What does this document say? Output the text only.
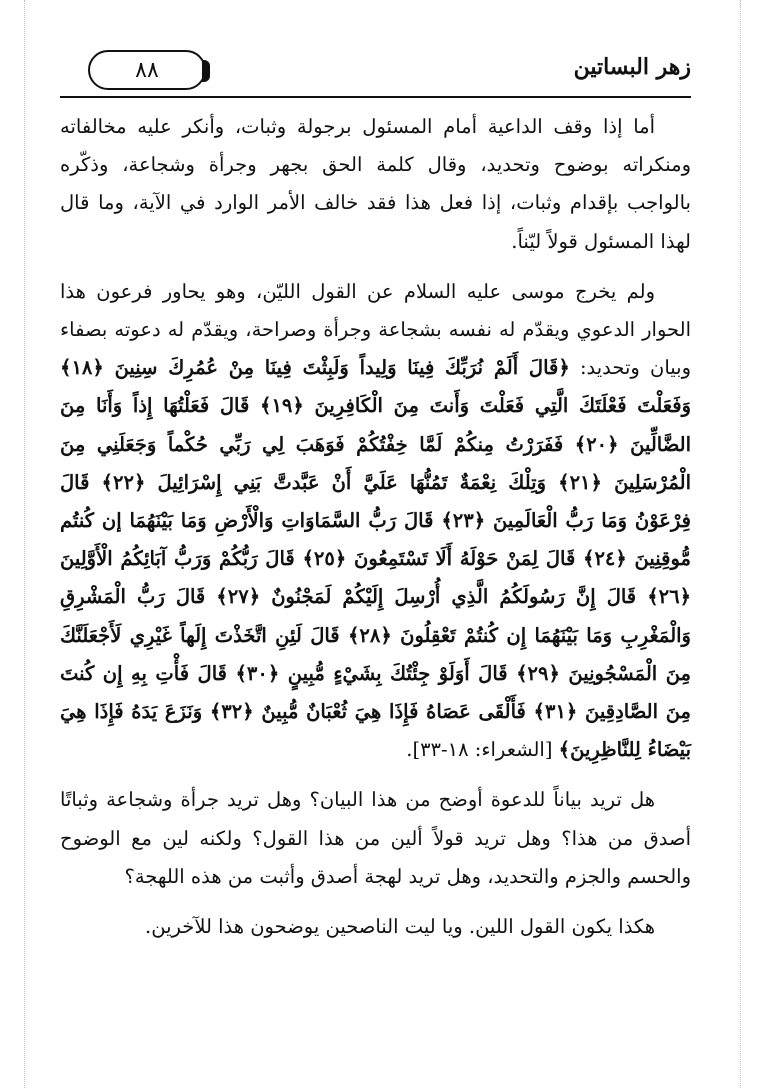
٨٨	زهر البساتين

أما إذا وقف الداعية أمام المسئول برجولة وثبات، وأنكر عليه مخالفاته ومنكراته بوضوح وتحديد، وقال كلمة الحق بجهر وجرأة وشجاعة، وذكّره بالواجب بإقدام وثبات، إذا فعل هذا فقد خالف الأمر الوارد في الآية، وما قال لهذا المسئول قولاً ليّناً.

ولم يخرج موسى عليه السلام عن القول الليّن، وهو يحاور فرعون هذا الحوار الدعوي ويقدّم له نفسه بشجاعة وجرأة وصراحة، ويقدّم له دعوته بصفاء وبيان وتحديد: ﴿قَالَ أَلَمْ نُرَبِّكَ فِينَا وَلِيداً وَلَبِثْتَ فِينَا مِنْ عُمُرِكَ سِنِينَ ﴿١٨﴾ وَفَعَلْتَ فَعْلَتَكَ الَّتِي فَعَلْتَ وَأَنتَ مِنَ الْكَافِرِينَ ﴿١٩﴾ قَالَ فَعَلْتُهَا إِذاً وَأَنَا مِنَ الضَّالِّينَ ﴿٢٠﴾ فَفَرَرْتُ مِنكُمْ لَمَّا خِفْتُكُمْ فَوَهَبَ لِي رَبِّي حُكْماً وَجَعَلَنِي مِنَ الْمُرْسَلِينَ ﴿٢١﴾ وَتِلْكَ نِعْمَةٌ تَمُنُّهَا عَلَيَّ أَنْ عَبَّدتَّ بَنِي إِسْرَائِيلَ ﴿٢٢﴾ قَالَ فِرْعَوْنُ وَمَا رَبُّ الْعَالَمِينَ ﴿٢٣﴾ قَالَ رَبُّ السَّمَاوَاتِ وَالْأَرْضِ وَمَا بَيْنَهُمَا إن كُنتُم مُّوقِنِينَ ﴿٢٤﴾ قَالَ لِمَنْ حَوْلَهُ أَلَا تَسْتَمِعُونَ ﴿٢٥﴾ قَالَ رَبُّكُمْ وَرَبُّ آبَائِكُمُ الْأَوَّلِينَ ﴿٢٦﴾ قَالَ إِنَّ رَسُولَكُمُ الَّذِي أُرْسِلَ إِلَيْكُمْ لَمَجْنُونٌ ﴿٢٧﴾ قَالَ رَبُّ الْمَشْرِقِ وَالْمَغْرِبِ وَمَا بَيْنَهُمَا إِن كُنتُمْ تَعْقِلُونَ ﴿٢٨﴾ قَالَ لَئِنِ اتَّخَذْتَ إِلَهاً غَيْرِي لَأَجْعَلَنَّكَ مِنَ الْمَسْجُونِينَ ﴿٢٩﴾ قَالَ أَوَلَوْ جِئْتُكَ بِشَيْءٍ مُّبِينٍ ﴿٣٠﴾ قَالَ فَأْتِ بِهِ إِن كُنتَ مِنَ الصَّادِقِينَ ﴿٣١﴾ فَأَلْقَى عَصَاهُ فَإِذَا هِيَ ثُعْبَانٌ مُّبِينٌ ﴿٣٢﴾ وَنَزَعَ يَدَهُ فَإِذَا هِيَ بَيْضَاءُ لِلنَّاظِرِينَ﴾ [الشعراء: ١٨-٣٣].

هل تريد بياناً للدعوة أوضح من هذا البيان؟ وهل تريد جرأة وشجاعة وثباتًا أصدق من هذا؟ وهل تريد قولاً ألين من هذا القول؟ ولكنه لين مع الوضوح والحسم والجزم والتحديد، وهل تريد لهجة أصدق وأثبت من هذه اللهجة؟

هكذا يكون القول اللين. ويا ليت الناصحين يوضحون هذا للآخرين.
